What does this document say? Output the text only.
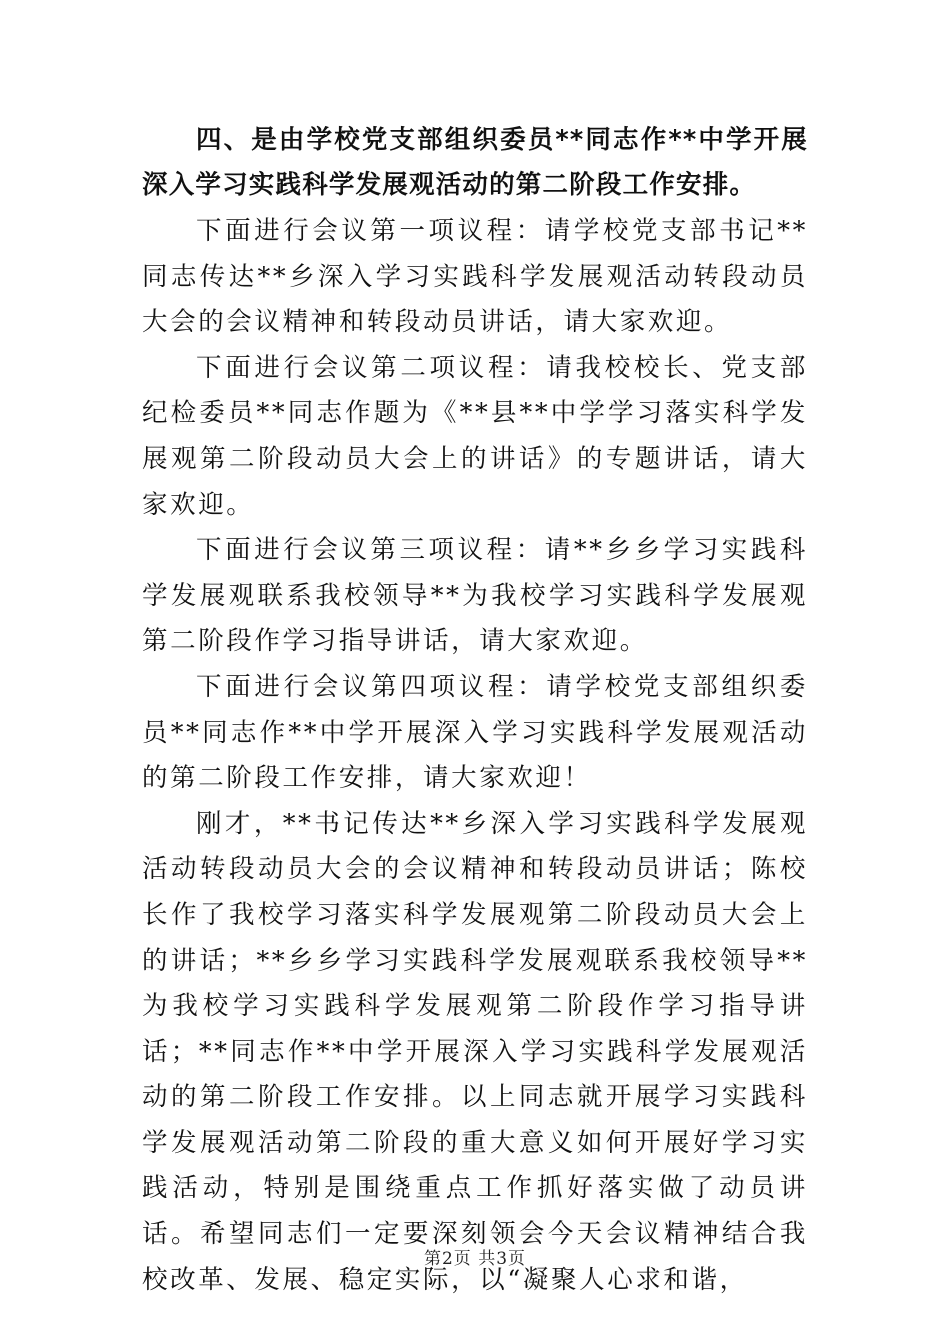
四、是由学校党支部组织委员**同志作**中学开展深入学习实践科学发展观活动的第二阶段工作安排。

下面进行会议第一项议程：请学校党支部书记**同志传达**乡深入学习实践科学发展观活动转段动员大会的会议精神和转段动员讲话，请大家欢迎。

下面进行会议第二项议程：请我校校长、党支部纪检委员**同志作题为《**县**中学学习落实科学发展观第二阶段动员大会上的讲话》的专题讲话，请大家欢迎。

下面进行会议第三项议程：请**乡乡学习实践科学发展观联系我校领导**为我校学习实践科学发展观第二阶段作学习指导讲话，请大家欢迎。

下面进行会议第四项议程：请学校党支部组织委员**同志作**中学开展深入学习实践科学发展观活动的第二阶段工作安排，请大家欢迎！

刚才，**书记传达**乡深入学习实践科学发展观活动转段动员大会的会议精神和转段动员讲话；陈校长作了我校学习落实科学发展观第二阶段动员大会上的讲话；**乡乡学习实践科学发展观联系我校领导**为我校学习实践科学发展观第二阶段作学习指导讲话；**同志作**中学开展深入学习实践科学发展观活动的第二阶段工作安排。以上同志就开展学习实践科学发展观活动第二阶段的重大意义如何开展好学习实践活动，特别是围绕重点工作抓好落实做了动员讲话。希望同志们一定要深刻领会今天会议精神结合我校改革、发展、稳定实际，以“凝聚人心求和谐，

第2页 共3页
